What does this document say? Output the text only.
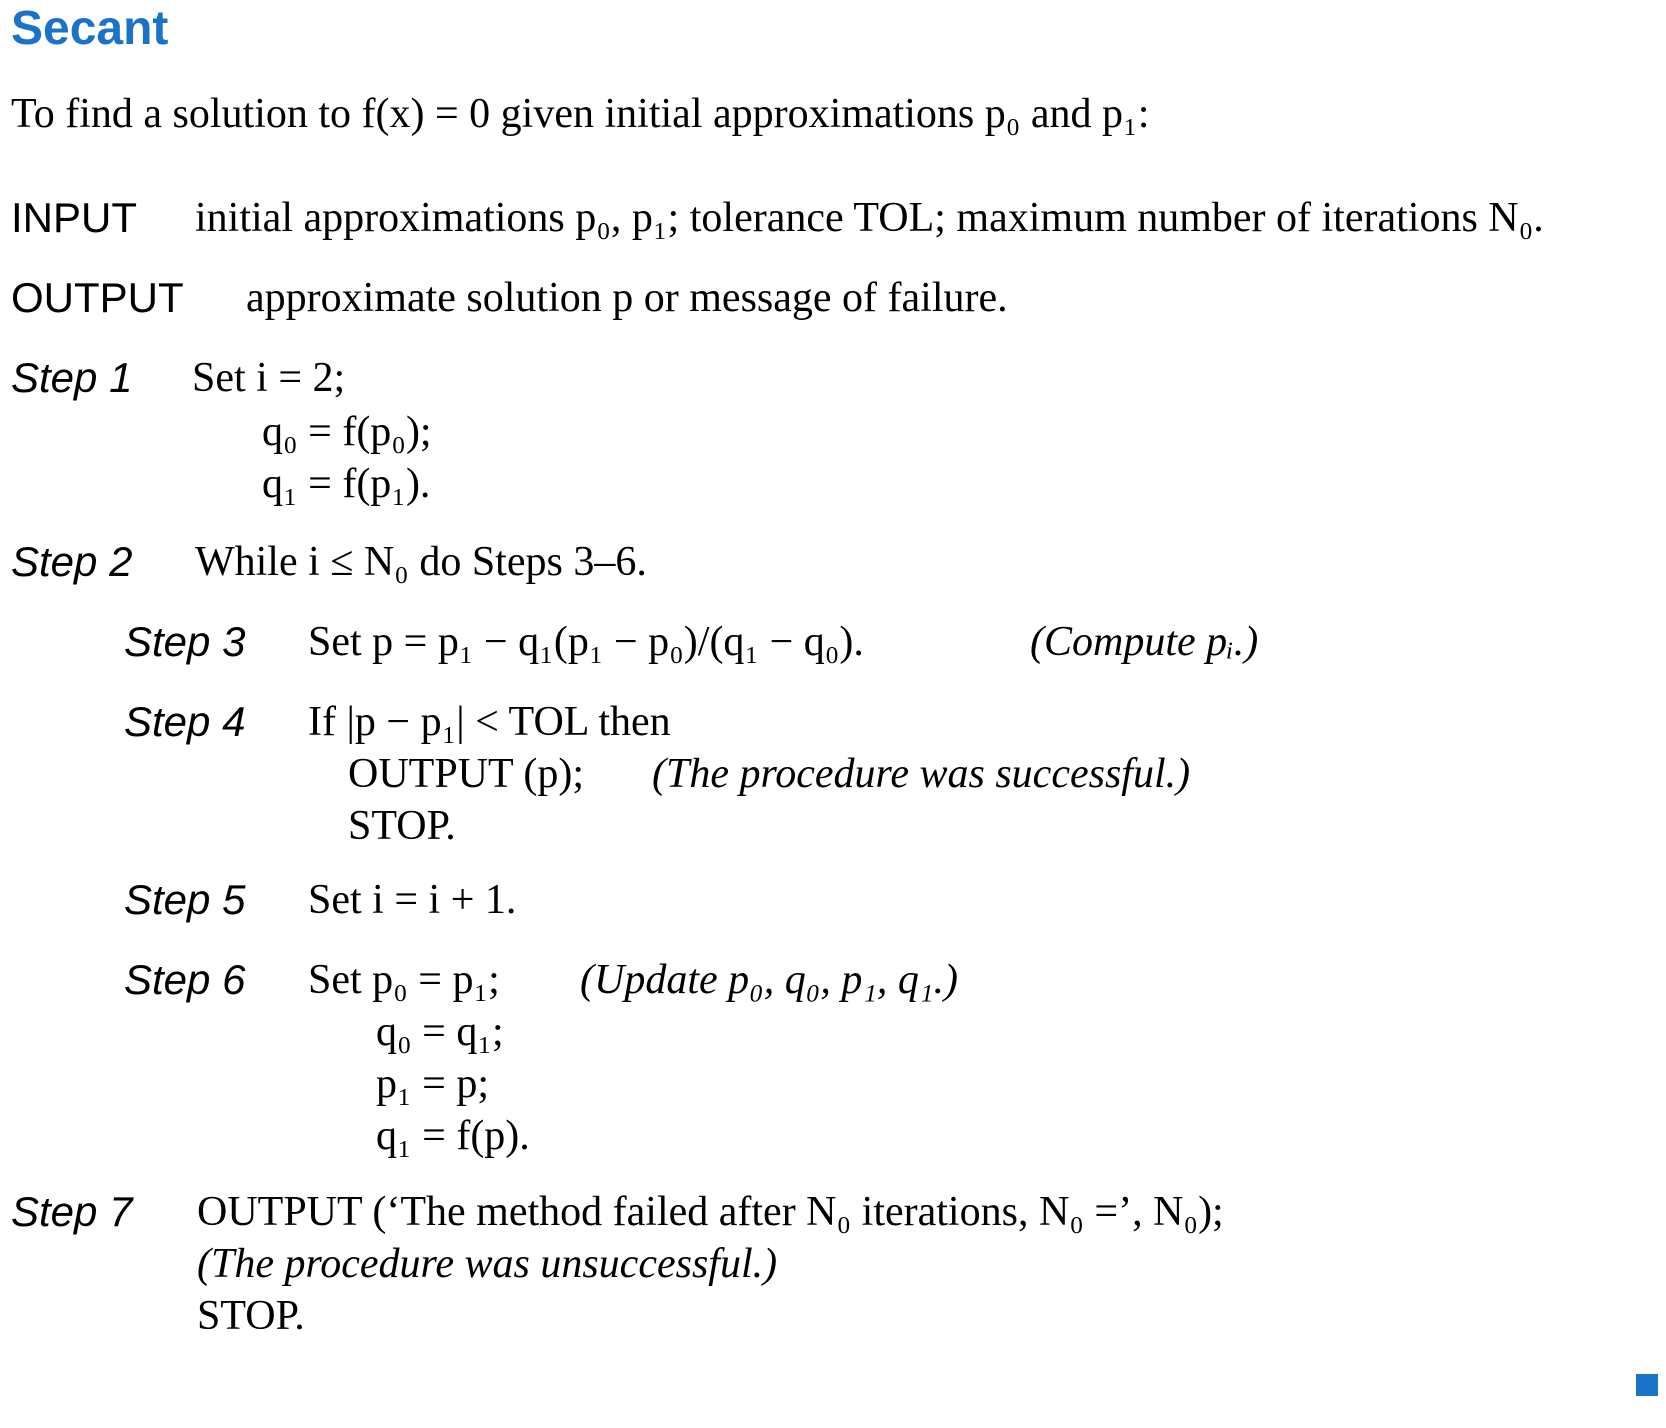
Secant
To find a solution to f(x) = 0 given initial approximations p₀ and p₁:
INPUT initial approximations p₀, p₁; tolerance TOL; maximum number of iterations N₀.
OUTPUT approximate solution p or message of failure.
Step 1 Set i = 2;
q₀ = f(p₀);
q₁ = f(p₁).
Step 2 While i ≤ N₀ do Steps 3–6.
Step 3 Set p = p₁ − q₁(p₁ − p₀)/(q₁ − q₀).	(Compute pᵢ.)
Step 4 If |p − p₁| < TOL then
OUTPUT (p); (The procedure was successful.)
STOP.
Step 5 Set i = i + 1.
Step 6 Set p₀ = p₁; (Update p₀, q₀, p₁, q₁.)
q₀ = q₁;
p₁ = p;
q₁ = f(p).
Step 7 OUTPUT (‘The method failed after N₀ iterations, N₀ =’, N₀);
(The procedure was unsuccessful.)
STOP.
